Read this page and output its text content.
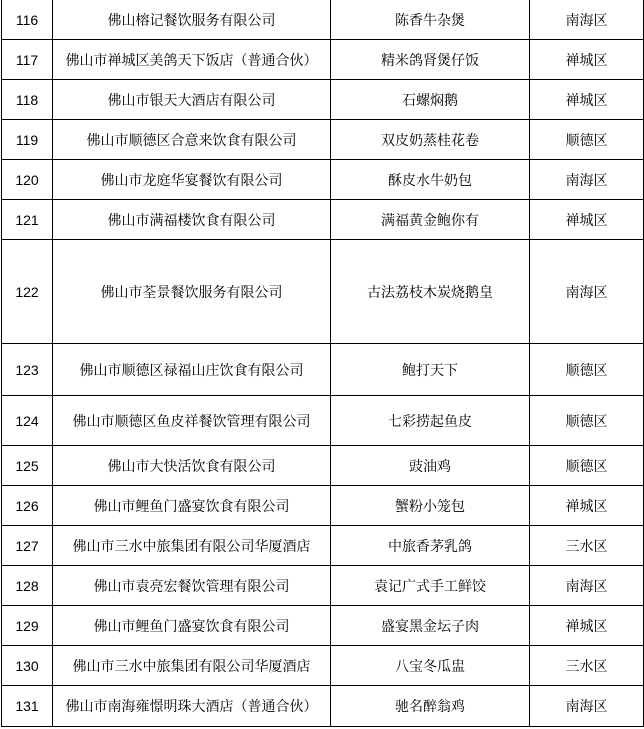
116	佛山榕记餐饮服务有限公司	陈香牛杂煲	南海区
117	佛山市禅城区美鸽天下饭店（普通合伙）	精米鸽肾煲仔饭	禅城区
118	佛山市银天大酒店有限公司	石螺焖鹅	禅城区
119	佛山市顺德区合意来饮食有限公司	双皮奶蒸桂花卷	顺德区
120	佛山市龙庭华宴餐饮有限公司	酥皮水牛奶包	南海区
121	佛山市满福楼饮食有限公司	满福黄金鲍你有	禅城区
122	佛山市荃景餐饮服务有限公司	古法荔枝木炭烧鹅皇	南海区
123	佛山市顺德区禄福山庄饮食有限公司	鲍打天下	顺德区
124	佛山市顺德区鱼皮祥餐饮管理有限公司	七彩捞起鱼皮	顺德区
125	佛山市大快活饮食有限公司	豉油鸡	顺德区
126	佛山市鲤鱼门盛宴饮食有限公司	蟹粉小笼包	禅城区
127	佛山市三水中旅集团有限公司华厦酒店	中旅香茅乳鸽	三水区
128	佛山市袁亮宏餐饮管理有限公司	袁记广式手工鲜饺	南海区
129	佛山市鲤鱼门盛宴饮食有限公司	盛宴黑金坛子肉	禅城区
130	佛山市三水中旅集团有限公司华厦酒店	八宝冬瓜盅	三水区
131	佛山市南海雍憬明珠大酒店（普通合伙）	驰名醉翁鸡	南海区
